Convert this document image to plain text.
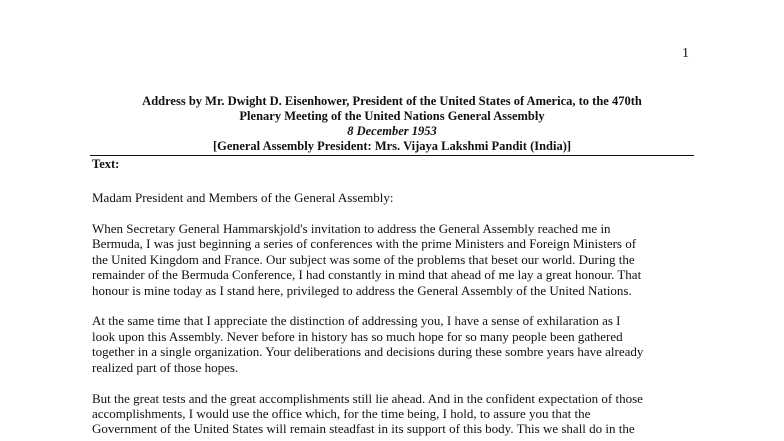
1
Address by Mr. Dwight D. Eisenhower, President of the United States of America, to the 470th
Plenary Meeting of the United Nations General Assembly
8 December 1953
[General Assembly President: Mrs. Vijaya Lakshmi Pandit (India)]
Text:

Madam President and Members of the General Assembly:

When Secretary General Hammarskjold's invitation to address the General Assembly reached me in
Bermuda, I was just beginning a series of conferences with the prime Ministers and Foreign Ministers of
the United Kingdom and France. Our subject was some of the problems that beset our world. During the
remainder of the Bermuda Conference, I had constantly in mind that ahead of me lay a great honour. That
honour is mine today as I stand here, privileged to address the General Assembly of the United Nations.

At the same time that I appreciate the distinction of addressing you, I have a sense of exhilaration as I
look upon this Assembly. Never before in history has so much hope for so many people been gathered
together in a single organization. Your deliberations and decisions during these sombre years have already
realized part of those hopes.

But the great tests and the great accomplishments still lie ahead. And in the confident expectation of those
accomplishments, I would use the office which, for the time being, I hold, to assure you that the
Government of the United States will remain steadfast in its support of this body. This we shall do in the
